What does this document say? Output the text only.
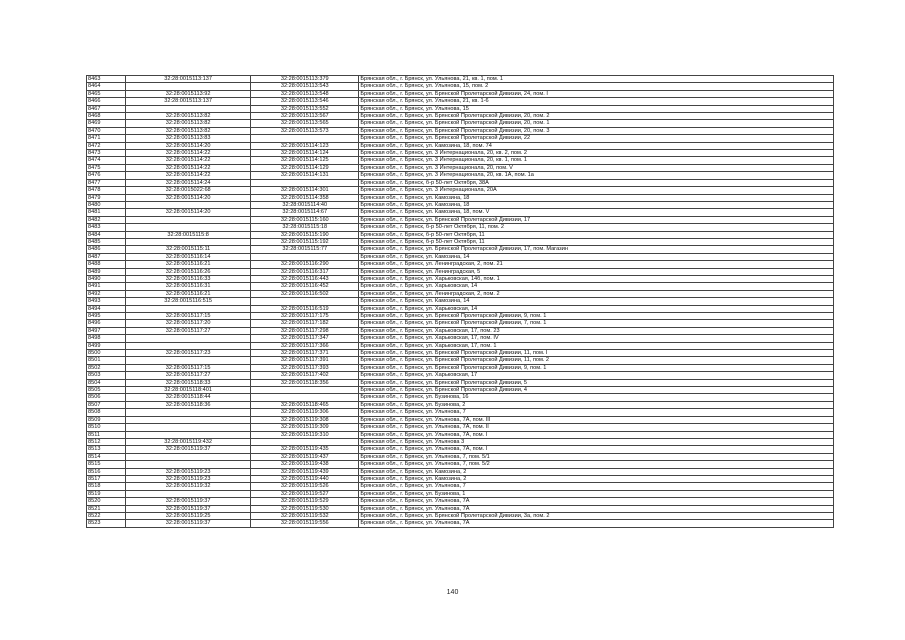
8463	32:28:0015113:137	32:28:0015113:379	Брянская обл., г. Брянск, ул. Ульянова, 21, кв. 1, пом. 1
8464		32:28:0015113:543	Брянская обл., г. Брянск, ул. Ульянова, 15, пом. 2
8465	32:28:0015113:92	32:28:0015113:548	Брянская обл., г. Брянск, ул. Брянской Пролетарской Дивизии, 24, пом. I
8466	32:28:0015113:137	32:28:0015113:546	Брянская обл., г. Брянск, ул. Ульянова, 21, кв. 1-6
8467		32:28:0015113:552	Брянская обл., г. Брянск, ул. Ульянова, 15
8468	32:28:0015113:82	32:28:0015113:567	Брянская обл., г. Брянск, ул. Брянской Пролетарской Дивизии, 20, пом. 2
8469	32:28:0015113:82	32:28:0015113:565	Брянская обл., г. Брянск, ул. Брянской Пролетарской Дивизии, 20, пом. 1
8470	32:28:0015113:82	32:28:0015113:573	Брянская обл., г. Брянск, ул. Брянской Пролетарской Дивизии, 20, пом. 3
8471	32:28:0015113:83		Брянская обл., г. Брянск, ул. Брянской Пролетарской Дивизии, 22
8472	32:28:0015114:20	32:28:0015114:123	Брянская обл., г. Брянск, ул. Камозина, 18, пом. 74
8473	32:28:0015114:22	32:28:0015114:124	Брянская обл., г. Брянск, ул. 3 Интернационала, 20, кв. 2, пом. 2
8474	32:28:0015114:22	32:28:0015114:125	Брянская обл., г. Брянск, ул. 3 Интернационала, 20, кв. 1, пом. 1
8475	32:28:0015114:22	32:28:0015114:129	Брянская обл., г. Брянск, ул. 3 Интернационала, 20, пом. V
8476	32:28:0015114:22	32:28:0015114:131	Брянская обл., г. Брянск, ул. 3 Интернационала, 20, кв. 1А, пом. 1а
8477	32:28:0015114:24		Брянская обл., г. Брянск, б-р 50-лет Октября, 38А
8478	32:28:0015022:68	32:28:0015114:301	Брянская обл., г. Брянск, ул. 3 Интернационала, 20А
8479	32:28:0015114:20	32:28:0015114:358	Брянская обл., г. Брянск, ул. Камозина, 18
8480		32:28:0015114:40	Брянская обл., г. Брянск, ул. Камозина, 18
8481	32:28:0015114:20	32:28:0015114:67	Брянская обл., г. Брянск, ул. Камозина, 18, пом. V
8482		32:28:0015115:160	Брянская обл., г. Брянск, ул. Брянской Пролетарской Дивизии, 17
8483		32:28:0015115:18	Брянская обл., г. Брянск, б-р 50-лет Октября, 11, пом. 2
8484	32:28:0015115:8	32:28:0015115:190	Брянская обл., г. Брянск, б-р 50-лет Октября, 11
8485		32:28:0015115:192	Брянская обл., г. Брянск, б-р 50-лет Октября, 11
8486	32:28:0015115:11	32:28:0015115:77	Брянская обл., г. Брянск, ул. Брянской Пролетарской Дивизии, 17, пом. Магазин
8487	32:28:0015116:14		Брянская обл., г. Брянск, ул. Камозина, 14
8488	32:28:0015116:21	32:28:0015116:290	Брянская обл., г. Брянск, ул. Ленинградская, 2, пом. 21
8489	32:28:0015116:26	32:28:0015116:317	Брянская обл., г. Брянск, ул. Ленинградская, 5
8490	32:28:0015116:33	32:28:0015116:443	Брянская обл., г. Брянск, ул. Харьковская, 14б, пом. 1
8491	32:28:0015116:31	32:28:0015116:452	Брянская обл., г. Брянск, ул. Харьковская, 14
8492	32:28:0015116:21	32:28:0015116:502	Брянская обл., г. Брянск, ул. Ленинградская, 2, пом. 2
8493	32:28:0015116:515		Брянская обл., г. Брянск, ул. Камозина, 14
8494		32:28:0015116:519	Брянская обл., г. Брянск, ул. Харьковская, 14
8495	32:28:0015117:15	32:28:0015117:175	Брянская обл., г. Брянск, ул. Брянской Пролетарской Дивизии, 9, пом. 1
8496	32:28:0015117:20	32:28:0015117:182	Брянская обл., г. Брянск, ул. Брянской Пролетарской Дивизии, 7, пом. 1
8497	32:28:0015117:27	32:28:0015117:298	Брянская обл., г. Брянск, ул. Харьковская, 17, пом. 23
8498		32:28:0015117:347	Брянская обл., г. Брянск, ул. Харьковская, 17, пом. IV
8499		32:28:0015117:366	Брянская обл., г. Брянск, ул. Харьковская, 17, пом. 1
8500	32:28:0015117:23	32:28:0015117:371	Брянская обл., г. Брянск, ул. Брянской Пролетарской Дивизии, 11, пом. I
8501		32:28:0015117:391	Брянская обл., г. Брянск, ул. Брянской Пролетарской Дивизии, 11, пом. 2
8502	32:28:0015117:15	32:28:0015117:393	Брянская обл., г. Брянск, ул. Брянской Пролетарской Дивизии, 9, пом. 1
8503	32:28:0015117:27	32:28:0015117:402	Брянская обл., г. Брянск, ул. Харьковская, 17
8504	32:28:0015118:33	32:28:0015118:356	Брянская обл., г. Брянск, ул. Брянской Пролетарской Дивизии, 5
8505	32:28:0015118:401		Брянская обл., г. Брянск, ул. Брянской Пролетарской Дивизии, 4
8506	32:28:0015118:44		Брянская обл., г. Брянск, ул. Бузинова, 16
8507	32:28:0015118:36	32:28:0015118:465	Брянская обл., г. Брянск, ул. Бузинова, 2
8508		32:28:0015119:306	Брянская обл., г. Брянск, ул. Ульянова, 7
8509		32:28:0015119:308	Брянская обл., г. Брянск, ул. Ульянова, 7А, пом. III
8510		32:28:0015119:309	Брянская обл., г. Брянск, ул. Ульянова, 7А, пом. II
8511		32:28:0015119:310	Брянская обл., г. Брянск, ул. Ульянова, 7А, пом. I
8512	32:28:0015119:432		Брянская обл., г. Брянск, ул. Ульянова 3
8513	32:28:0015119:37	32:28:0015119:435	Брянская обл., г. Брянск, ул. Ульянова, 7А, пом. I
8514		32:28:0015119:437	Брянская обл., г. Брянск, ул. Ульянова, 7, пом. 5/1
8515		32:28:0015119:438	Брянская обл., г. Брянск, ул. Ульянова, 7, пом. 5/2
8516	32:28:0015119:23	32:28:0015119:439	Брянская обл., г. Брянск, ул. Камозина, 2
8517	32:28:0015119:23	32:28:0015119:440	Брянская обл., г. Брянск, ул. Камозина, 2
8518	32:28:0015119:32	32:28:0015119:526	Брянская обл., г. Брянск, ул. Ульянова, 7
8519		32:28:0015119:527	Брянская обл., г. Брянск, ул. Бузинова, 1
8520	32:28:0015119:37	32:28:0015119:529	Брянская обл., г. Брянск, ул. Ульянова, 7А
8521	32:28:0015119:37	32:28:0015119:530	Брянская обл., г. Брянск, ул. Ульянова, 7А
8522	32:28:0015119:25	32:28:0015119:532	Брянская обл., г. Брянск, ул. Брянской Пролетарской Дивизии, 3а, пом. 2
8523	32:28:0015119:37	32:28:0015119:556	Брянская обл., г. Брянск, ул. Ульянова, 7А
140
